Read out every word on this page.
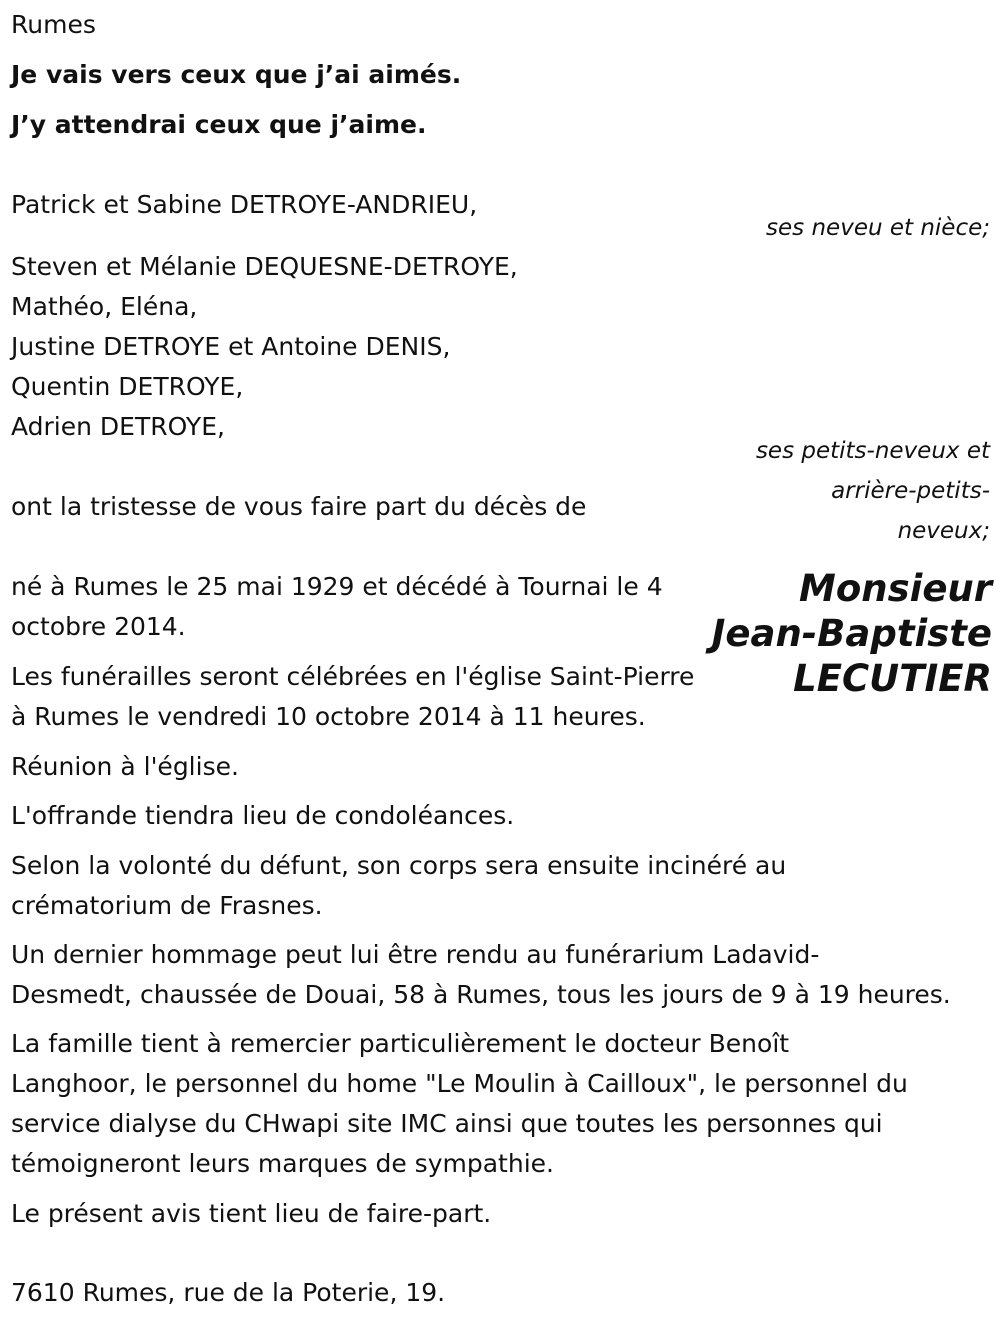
Rumes

Je vais vers ceux que j’ai aimés.

J’y attendrai ceux que j’aime.

Patrick et Sabine DETROYE-ANDRIEU,

ses neveu et nièce;

Steven et Mélanie DEQUESNE-DETROYE,

Mathéo, Eléna,

Justine DETROYE et Antoine DENIS,

Quentin DETROYE,

Adrien DETROYE,

ses petits-neveux et
arrière-petits-
neveux;

ont la tristesse de vous faire part du décès de

Monsieur
Jean-Baptiste
LECUTIER

né à Rumes le 25 mai 1929 et décédé à Tournai le 4

octobre 2014.

Les funérailles seront célébrées en l'église Saint-Pierre

à Rumes le vendredi 10 octobre 2014 à 11 heures.

Réunion à l'église.

L'offrande tiendra lieu de condoléances.

Selon la volonté du défunt, son corps sera ensuite incinéré au

crématorium de Frasnes.

Un dernier hommage peut lui être rendu au funérarium Ladavid-

Desmedt, chaussée de Douai, 58 à Rumes, tous les jours de 9 à 19 heures.

La famille tient à remercier particulièrement le docteur Benoît

Langhoor, le personnel du home "Le Moulin à Cailloux", le personnel du

service dialyse du CHwapi site IMC ainsi que toutes les personnes qui

témoigneront leurs marques de sympathie.

Le présent avis tient lieu de faire-part.

7610 Rumes, rue de la Poterie, 19.
